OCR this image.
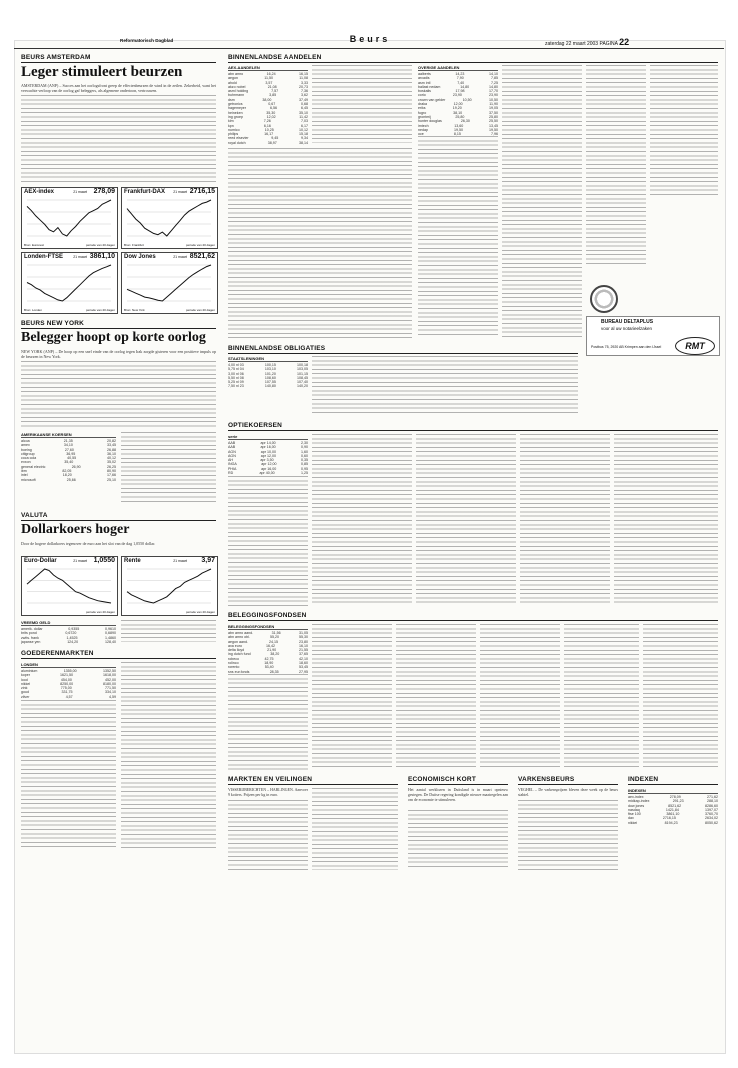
Reformatorisch Dagblad	Beurs	zaterdag 22 maart 2003 PAGINA 22
BEURS AMSTERDAM
Leger stimuleert beurzen
AMSTERDAM (ANP) – Succes aan het oorlogsfront greep de effectenbeurzen de wind in de zeilen. Zekerheid, want het verwachte verloop van de oorlog gaf beleggers, als algemene ondertoon, vertrouwen.
AEX-index	21 maart 278,09
Bron: Euronext	periode van 20 dagen
Frankfurt-DAX 21 maart 2716,15
Bron: Frankfurt	periode van 20 dagen
Londen-FTSE	21 maart 3861,10
Bron: Londen	periode van 20 dagen
Dow Jones	21 maart 8521,62
Bron: New York	periode van 20 dagen
BEURS NEW YORK
Belegger hoopt op korte oorlog
NEW YORK (ANP) – De hoop op een snel einde van de oorlog tegen Irak zorgde gisteren voor een positieve impuls op de beurzen in New York.
AMERIKAANSE KOERSEN
alcoa	21,35	20,82
amex	34,10	33,45
boeing	27,60	26,88
citigroup	36,95	36,10
coca cola	40,55	40,12
exxon	35,40	35,02
general electric	26,90	26,25
ibm	82,05	80,90
intel	18,20	17,66
microsoft	25,66	25,10
VALUTA
Dollarkoers hoger
Door de hogere dollarkoers tegenover de euro aan het slot van de dag 1,0550 dollar.
Euro-Dollar	21 maart 1,0550
periode van 20 dagen
Rente	21 maart 3,97
periode van 20 dagen
VREEMD GELD
amerik. dollar	0,9355	0,9610
brits pond	0,6720	0,6890
zwits. frank	1,4525	1,4860
japanse yen	124,20	128,40
GOEDERENMARKTEN
LONDEN
aluminium	1355,00	1352,50
koper	1621,50	1618,00
lood	454,00	452,00
nikkel	8250,00	8180,00
zink	775,00	771,50
goud	331,75	334,10
zilver	4,57	4,59
BINNENLANDSE AANDELEN
AEX-AANDELEN
abn amro	16,24	16,15
aegon	11,50	11,08
ahold	3,57	3,33
akzo nobel	21,08	20,73
asml holding	7,57	7,36
buhrmann	3,85	3,62
dsm	38,00	37,49
getronics	0,67	0,68
hagemeyer	6,56	6,45
heineken	35,30	35,10
ing groep	12,02	11,42
klm	7,26	7,03
kpn	6,16	6,17
numico	10,25	10,12
philips	16,17	15,18
reed elsevier	9,45	9,34
royal dutch	38,97	38,14
OVERIGE AANDELEN
aalberts	14,23	14,10
arcadis	7,90	7,85
asm intl	7,40	7,25
ballast nedam	14,80	14,80
boskalis	17,98	17,70
corio	23,90	23,90
crown van gelder	10,50	10,50
draka	12,00	11,90
eriks	19,20	19,05
fugro	38,10	37,50
grontmij	25,80	25,80
hunter douglas	26,30	25,50
imtech	13,60	13,45
nedap	19,50	19,50
oce	8,15	7,96
BUREAU DELTAPLUS
voor al uw notarieelzaken
RMT
Postbus 75, 2920 AB Krimpen aan den IJssel
BINNENLANDSE OBLIGATIES
STAATSLENINGEN
4,00 nl 03	100,15	100,18
5,75 nl 04	103,10	103,05
3,00 nl 06	101,20	101,15
5,50 nl 08	108,60	108,45
5,25 nl 09	107,55	107,40
7,50 nl 23	140,80	140,20
OPTIEKOERSEN
serie
AAB	apr 14,00	2,30
AAB	apr 16,00	0,90
AGN	apr 10,00	1,60
AGN	apr 12,00	0,60
AH	apr 3,50	0,35
INGA	apr 12,00	0,85
PHIA	apr 16,00	0,95
RD	apr 40,00	1,25
BELEGGINGSFONDSEN
BELEGGINGSFONDSEN
abn amro aand.	31,56	31,05
abn amro obl.	55,20	55,30
aegon aand.	24,15	23,80
axa euro	16,42	16,10
delta lloyd	21,90	21,55
ing dutch fund	38,20	37,65
robeco	42,75	42,10
rolinco	18,90	18,60
rorento	53,40	53,45
sns eur.fonds	28,35	27,95
MARKTEN EN VEILINGEN
VISSERIJBERICHTEN – HARLINGEN. Aanvoer 9 kotters. Prijzen per kg in euro.
ECONOMISCH KORT
Het aantal werklozen in Duitsland is in maart opnieuw gestegen. De Duitse regering kondigde nieuwe maatregelen aan om de economie te stimuleren.
VARKENSBEURS
VEGHEL – De varkensprijzen bleven deze week op de beurs stabiel.
INDEXEN
INDEXEN
aex-index	278,09	271,62
midkap-index	291,23	288,10
dow jones	8521,62	8286,60
nasdaq	1421,84	1397,07
ftse 100	3861,10	3760,70
dax	2716,15	2634,02
nikkei	8194,23	8050,62
